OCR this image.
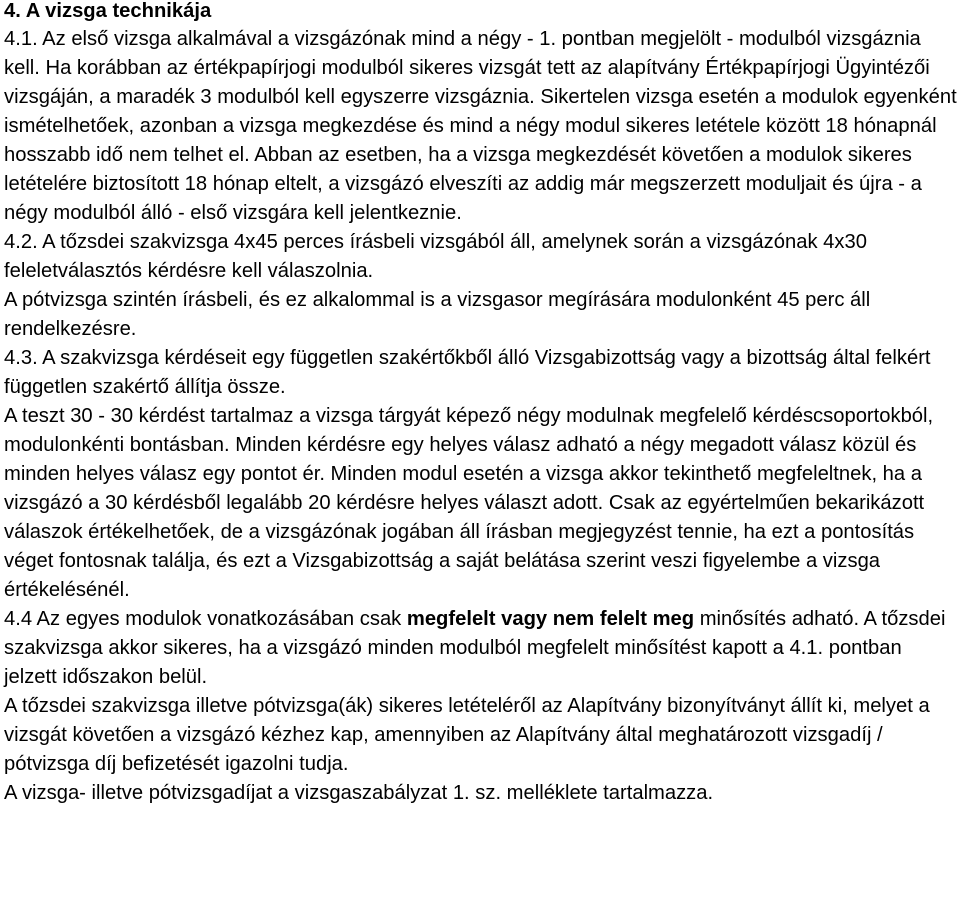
4. A vizsga technikája

4.1. Az első vizsga alkalmával a vizsgázónak mind a négy - 1. pontban megjelölt - modulból vizsgáznia kell. Ha korábban az értékpapírjogi modulból sikeres vizsgát tett az alapítvány Értékpapírjogi Ügyintézői vizsgáján, a maradék 3 modulból kell egyszerre vizsgáznia. Sikertelen vizsga esetén a modulok egyenként ismételhetőek, azonban a vizsga megkezdése és mind a négy modul sikeres letétele között 18 hónapnál hosszabb idő nem telhet el. Abban az esetben, ha a vizsga megkezdését követően a modulok sikeres letételére biztosított 18 hónap eltelt, a vizsgázó elveszíti az addig már megszerzett moduljait és újra - a négy modulból álló - első vizsgára kell jelentkeznie.

4.2. A tőzsdei szakvizsga 4x45 perces írásbeli vizsgából áll, amelynek során a vizsgázónak 4x30 feleletválasztós kérdésre kell válaszolnia.

A pótvizsga szintén írásbeli, és ez alkalommal is a vizsgasor megírására modulonként 45 perc áll rendelkezésre.

4.3. A szakvizsga kérdéseit egy független szakértőkből álló Vizsgabizottság vagy a bizottság által felkért független szakértő állítja össze.

A teszt 30 - 30 kérdést tartalmaz a vizsga tárgyát képező négy modulnak megfelelő kérdéscsoportokból, modulonkénti bontásban. Minden kérdésre egy helyes válasz adható a négy megadott válasz közül és minden helyes válasz egy pontot ér. Minden modul esetén a vizsga akkor tekinthető megfeleltnek, ha a vizsgázó a 30 kérdésből legalább 20 kérdésre helyes választ adott. Csak az egyértelműen bekarikázott válaszok értékelhetőek, de a vizsgázónak jogában áll írásban megjegyzést tennie, ha ezt a pontosítás véget fontosnak találja, és ezt a Vizsgabizottság a saját belátása szerint veszi figyelembe a vizsga értékelésénél.

4.4 Az egyes modulok vonatkozásában csak megfelelt vagy nem felelt meg minősítés adható. A tőzsdei szakvizsga akkor sikeres, ha a vizsgázó minden modulból megfelelt minősítést kapott a 4.1. pontban jelzett időszakon belül.

A tőzsdei szakvizsga illetve pótvizsga(ák) sikeres letételéről az Alapítvány bizonyítványt állít ki, melyet a vizsgát követően a vizsgázó kézhez kap, amennyiben az Alapítvány által meghatározott vizsgadíj / pótvizsga díj befizetését igazolni tudja.

A vizsga- illetve pótvizsgadíjat a vizsgaszabályzat 1. sz. melléklete tartalmazza.
